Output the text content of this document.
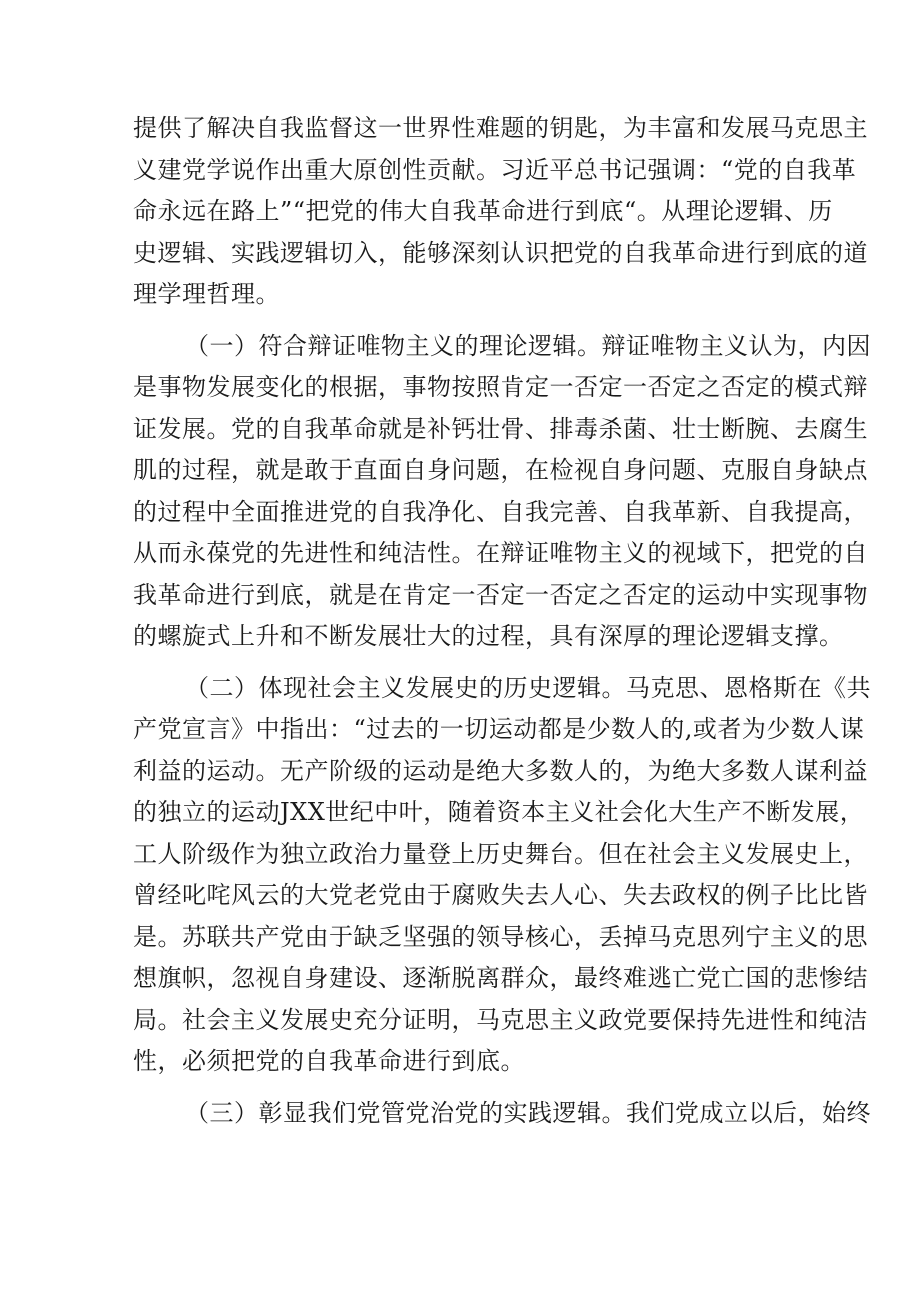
提供了解决自我监督这一世界性难题的钥匙，为丰富和发展马克思主
义建党学说作出重大原创性贡献。习近平总书记强调：“党的自我革
命永远在路上”“把党的伟大自我革命进行到底“。从理论逻辑、历
史逻辑、实践逻辑切入，能够深刻认识把党的自我革命进行到底的道
理学理哲理。
（一）符合辩证唯物主义的理论逻辑。辩证唯物主义认为，内因
是事物发展变化的根据，事物按照肯定一否定一否定之否定的模式辩
证发展。党的自我革命就是补钙壮骨、排毒杀菌、壮士断腕、去腐生
肌的过程，就是敢于直面自身问题，在检视自身问题、克服自身缺点
的过程中全面推进党的自我净化、自我完善、自我革新、自我提高，
从而永葆党的先进性和纯洁性。在辩证唯物主义的视域下，把党的自
我革命进行到底，就是在肯定一否定一否定之否定的运动中实现事物
的螺旋式上升和不断发展壮大的过程，具有深厚的理论逻辑支撑。
（二）体现社会主义发展史的历史逻辑。马克思、恩格斯在《共
产党宣言》中指出：“过去的一切运动都是少数人的,或者为少数人谋
利益的运动。无产阶级的运动是绝大多数人的，为绝大多数人谋利益
的独立的运动JXX世纪中叶，随着资本主义社会化大生产不断发展，
工人阶级作为独立政治力量登上历史舞台。但在社会主义发展史上，
曾经叱咤风云的大党老党由于腐败失去人心、失去政权的例子比比皆
是。苏联共产党由于缺乏坚强的领导核心，丢掉马克思列宁主义的思
想旗帜，忽视自身建设、逐渐脱离群众，最终难逃亡党亡国的悲惨结
局。社会主义发展史充分证明，马克思主义政党要保持先进性和纯洁
性，必须把党的自我革命进行到底。
（三）彰显我们党管党治党的实践逻辑。我们党成立以后，始终
